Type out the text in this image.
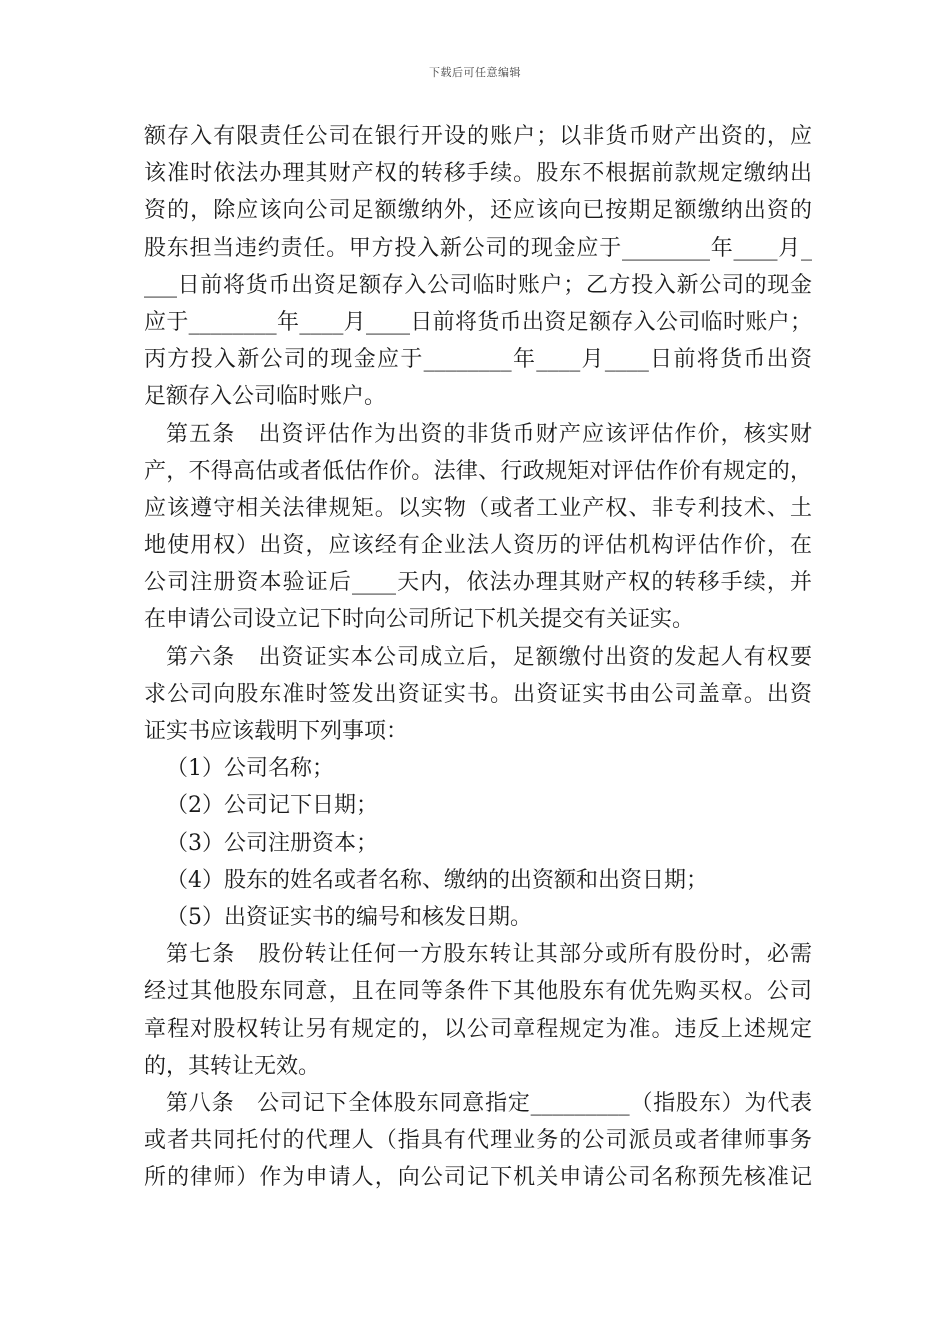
下载后可任意编辑
额存入有限责任公司在银行开设的账户；以非货币财产出资的，应
该准时依法办理其财产权的转移手续。股东不根据前款规定缴纳出
资的，除应该向公司足额缴纳外，还应该向已按期足额缴纳出资的
股东担当违约责任。甲方投入新公司的现金应于________年____月_
___日前将货币出资足额存入公司临时账户；乙方投入新公司的现金
应于________年____月____日前将货币出资足额存入公司临时账户；
丙方投入新公司的现金应于________年____月____日前将货币出资
足额存入公司临时账户。
第五条　出资评估作为出资的非货币财产应该评估作价，核实财
产，不得高估或者低估作价。法律、行政规矩对评估作价有规定的，
应该遵守相关法律规矩。以实物（或者工业产权、非专利技术、土
地使用权）出资，应该经有企业法人资历的评估机构评估作价，在
公司注册资本验证后____天内，依法办理其财产权的转移手续，并
在申请公司设立记下时向公司所记下机关提交有关证实。
第六条　出资证实本公司成立后，足额缴付出资的发起人有权要
求公司向股东准时签发出资证实书。出资证实书由公司盖章。出资
证实书应该载明下列事项：
（1）公司名称；
（2）公司记下日期；
（3）公司注册资本；
（4）股东的姓名或者名称、缴纳的出资额和出资日期；
（5）出资证实书的编号和核发日期。
第七条　股份转让任何一方股东转让其部分或所有股份时，必需
经过其他股东同意，且在同等条件下其他股东有优先购买权。公司
章程对股权转让另有规定的，以公司章程规定为准。违反上述规定
的，其转让无效。
第八条　公司记下全体股东同意指定_________（指股东）为代表
或者共同托付的代理人（指具有代理业务的公司派员或者律师事务
所的律师）作为申请人，向公司记下机关申请公司名称预先核准记
